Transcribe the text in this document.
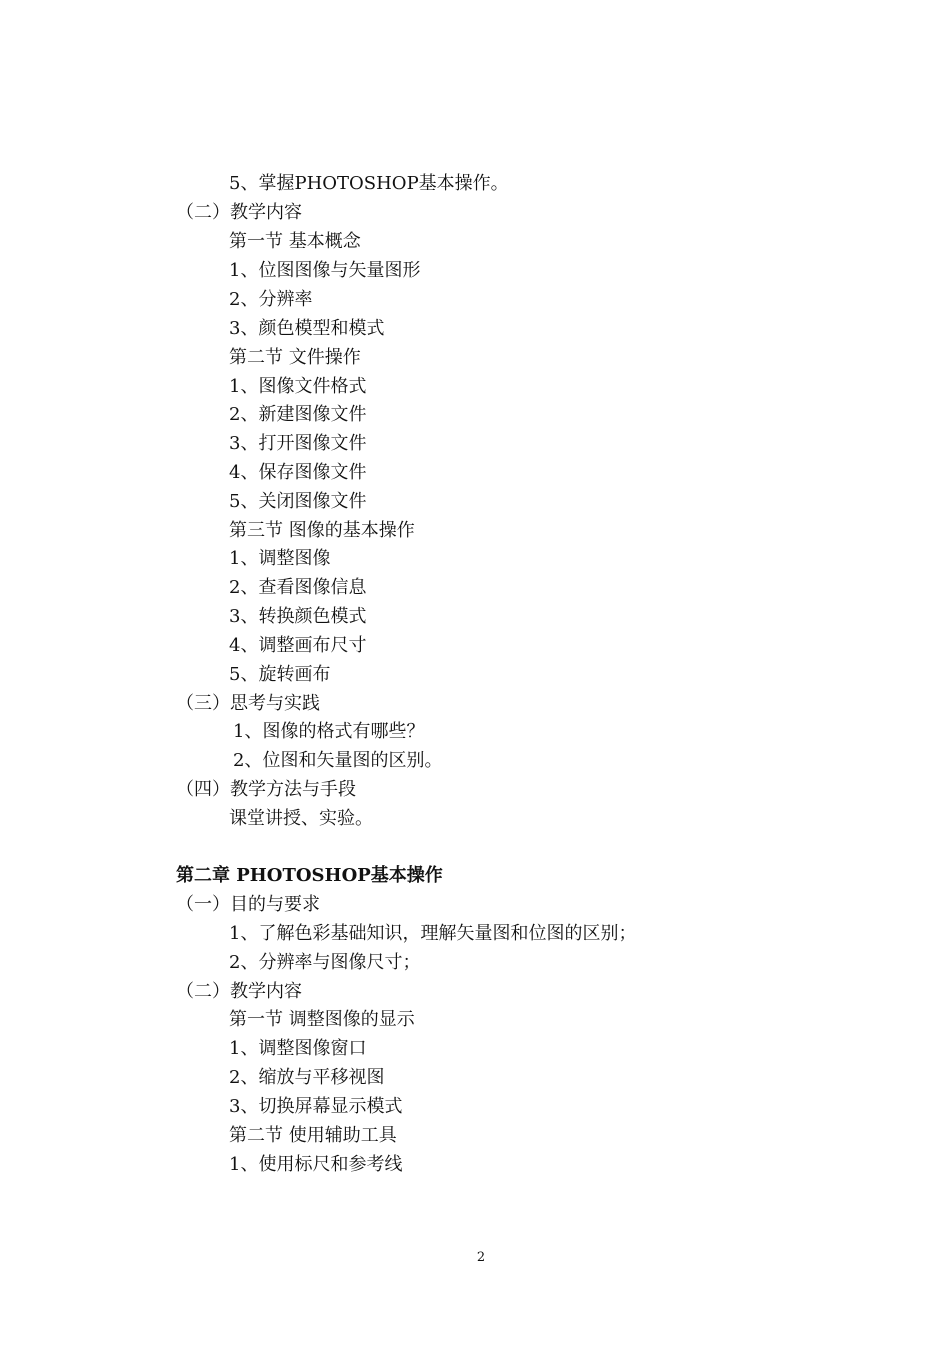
5、掌握PHOTOSHOP基本操作。
（二）教学内容
第一节 基本概念
1、位图图像与矢量图形
2、分辨率
3、颜色模型和模式
第二节 文件操作
1、图像文件格式
2、新建图像文件
3、打开图像文件
4、保存图像文件
5、关闭图像文件
第三节 图像的基本操作
1、调整图像
2、查看图像信息
3、转换颜色模式
4、调整画布尺寸
5、旋转画布
（三）思考与实践
1、图像的格式有哪些？
2、位图和矢量图的区别。
（四）教学方法与手段
课堂讲授、实验。
第二章 PHOTOSHOP基本操作
（一）目的与要求
1、了解色彩基础知识，理解矢量图和位图的区别；
2、分辨率与图像尺寸；
（二）教学内容
第一节 调整图像的显示
1、调整图像窗口
2、缩放与平移视图
3、切换屏幕显示模式
第二节 使用辅助工具
1、使用标尺和参考线
2
